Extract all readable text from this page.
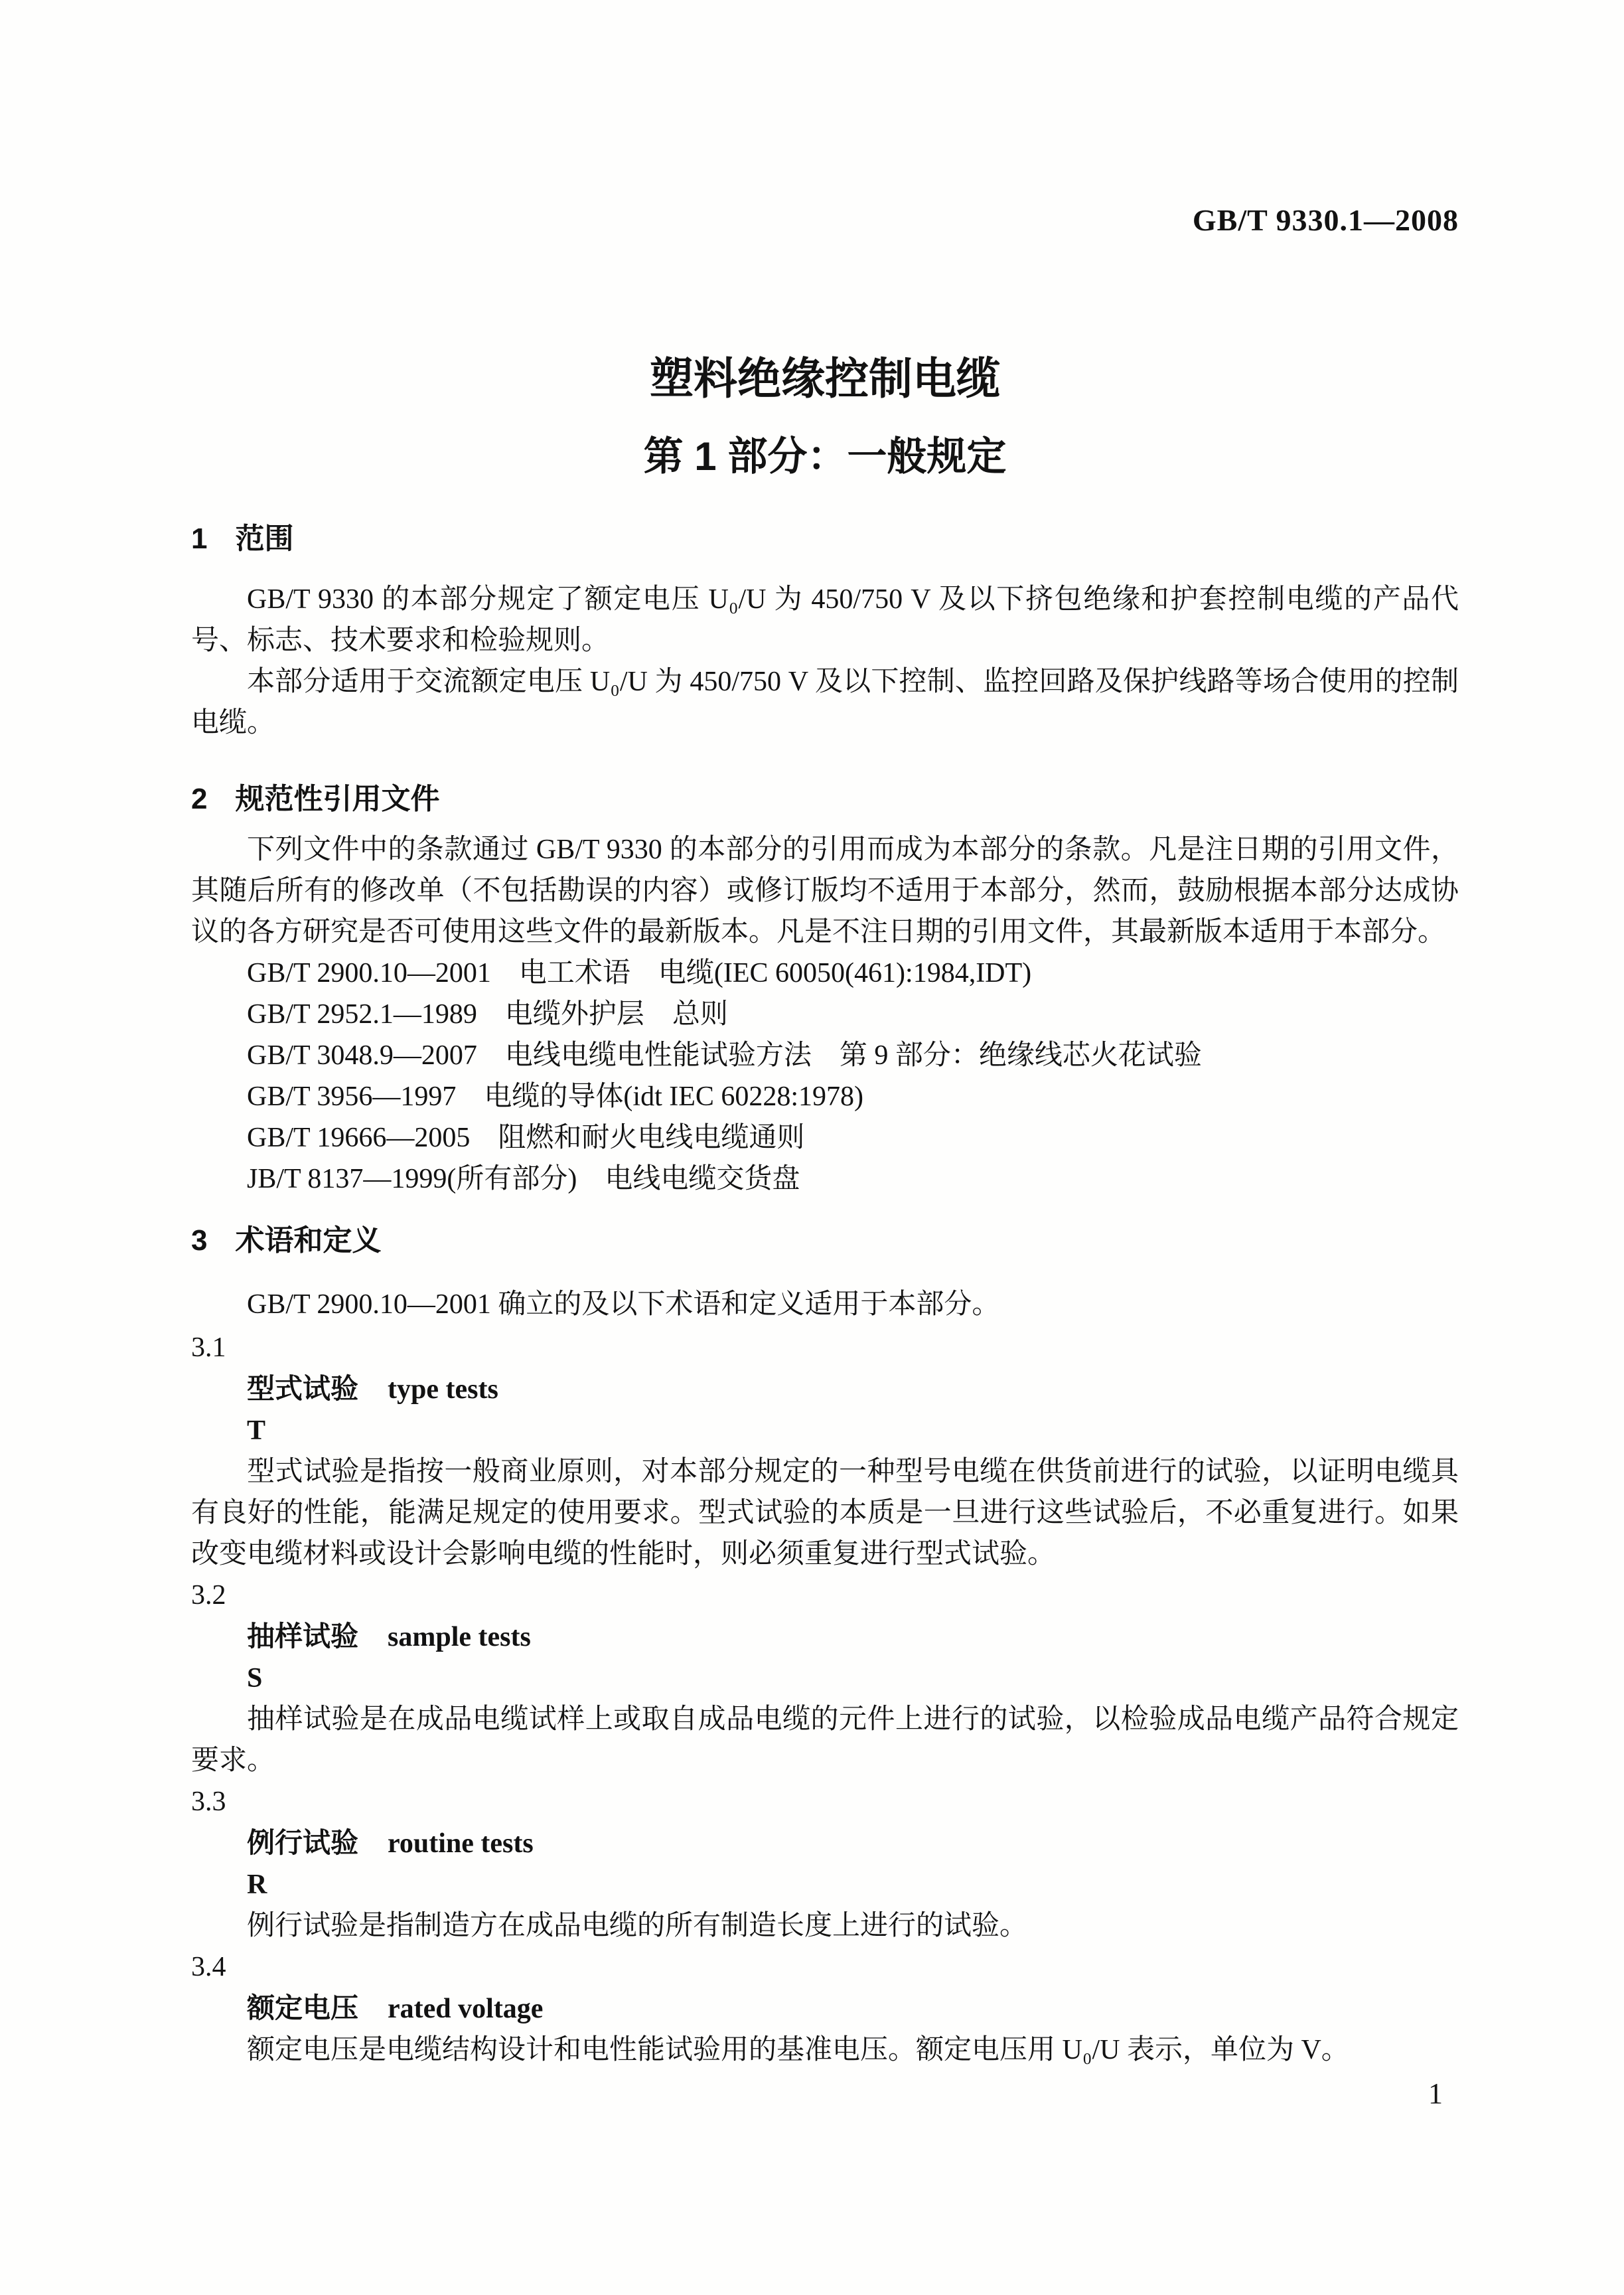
GB/T 9330.1—2008
塑料绝缘控制电缆
第 1 部分：一般规定
1 范围

GB/T 9330 的本部分规定了额定电压 U₀/U 为 450/750 V 及以下挤包绝缘和护套控制电缆的产品代号、标志、技术要求和检验规则。

本部分适用于交流额定电压 U₀/U 为 450/750 V 及以下控制、监控回路及保护线路等场合使用的控制电缆。

2 规范性引用文件

下列文件中的条款通过 GB/T 9330 的本部分的引用而成为本部分的条款。凡是注日期的引用文件，其随后所有的修改单（不包括勘误的内容）或修订版均不适用于本部分，然而，鼓励根据本部分达成协议的各方研究是否可使用这些文件的最新版本。凡是不注日期的引用文件，其最新版本适用于本部分。

GB/T 2900.10—2001　电工术语　电缆(IEC 60050(461):1984,IDT)
GB/T 2952.1—1989　电缆外护层　总则
GB/T 3048.9—2007　电线电缆电性能试验方法　第 9 部分：绝缘线芯火花试验
GB/T 3956—1997　电缆的导体(idt IEC 60228:1978)
GB/T 19666—2005　阻燃和耐火电线电缆通则
JB/T 8137—1999(所有部分)　电线电缆交货盘
3 术语和定义

GB/T 2900.10—2001 确立的及以下术语和定义适用于本部分。

3.1
型式试验 type tests
T

型式试验是指按一般商业原则，对本部分规定的一种型号电缆在供货前进行的试验，以证明电缆具有良好的性能，能满足规定的使用要求。型式试验的本质是一旦进行这些试验后，不必重复进行。如果改变电缆材料或设计会影响电缆的性能时，则必须重复进行型式试验。

3.2
抽样试验 sample tests
S

抽样试验是在成品电缆试样上或取自成品电缆的元件上进行的试验，以检验成品电缆产品符合规定要求。

3.3
例行试验 routine tests
R

例行试验是指制造方在成品电缆的所有制造长度上进行的试验。

3.4
额定电压 rated voltage

额定电压是电缆结构设计和电性能试验用的基准电压。额定电压用 U₀/U 表示，单位为 V。

1
